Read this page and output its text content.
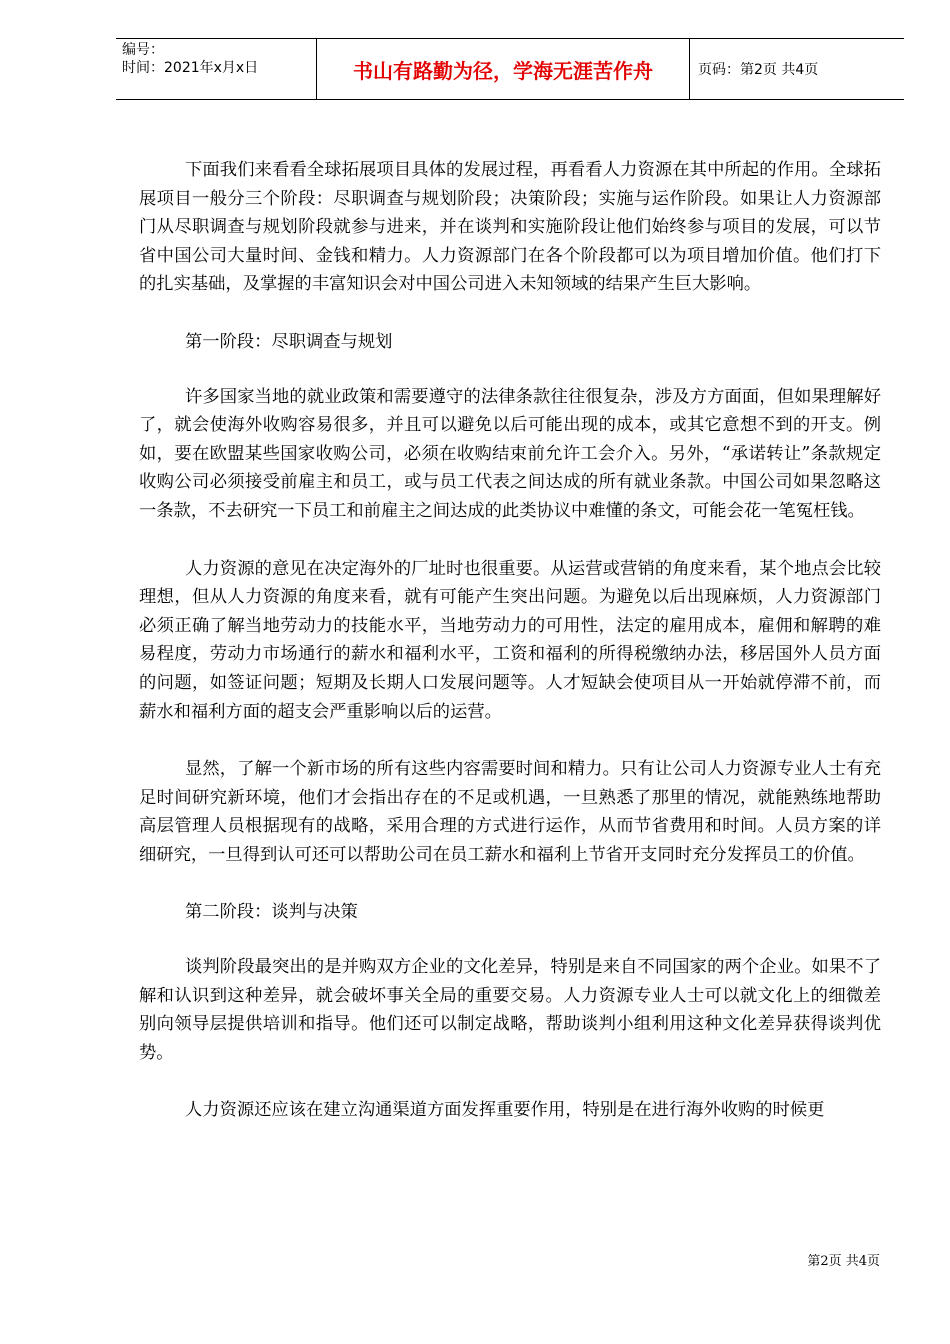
编号：
时间：2021年x月x日	书山有路勤为径，学海无涯苦作舟	页码：第2页 共4页

下面我们来看看全球拓展项目具体的发展过程，再看看人力资源在其中所起的作用。全球拓展项目一般分三个阶段：尽职调查与规划阶段；决策阶段；实施与运作阶段。如果让人力资源部门从尽职调查与规划阶段就参与进来，并在谈判和实施阶段让他们始终参与项目的发展，可以节省中国公司大量时间、金钱和精力。人力资源部门在各个阶段都可以为项目增加价值。他们打下的扎实基础，及掌握的丰富知识会对中国公司进入未知领域的结果产生巨大影响。

第一阶段：尽职调查与规划

许多国家当地的就业政策和需要遵守的法律条款往往很复杂，涉及方方面面，但如果理解好了，就会使海外收购容易很多，并且可以避免以后可能出现的成本，或其它意想不到的开支。例如，要在欧盟某些国家收购公司，必须在收购结束前允许工会介入。另外，“承诺转让”条款规定收购公司必须接受前雇主和员工，或与员工代表之间达成的所有就业条款。中国公司如果忽略这一条款，不去研究一下员工和前雇主之间达成的此类协议中难懂的条文，可能会花一笔冤枉钱。

人力资源的意见在决定海外的厂址时也很重要。从运营或营销的角度来看，某个地点会比较理想，但从人力资源的角度来看，就有可能产生突出问题。为避免以后出现麻烦，人力资源部门必须正确了解当地劳动力的技能水平，当地劳动力的可用性，法定的雇用成本，雇佣和解聘的难易程度，劳动力市场通行的薪水和福利水平，工资和福利的所得税缴纳办法，移居国外人员方面的问题，如签证问题；短期及长期人口发展问题等。人才短缺会使项目从一开始就停滞不前，而薪水和福利方面的超支会严重影响以后的运营。

显然，了解一个新市场的所有这些内容需要时间和精力。只有让公司人力资源专业人士有充足时间研究新环境，他们才会指出存在的不足或机遇，一旦熟悉了那里的情况，就能熟练地帮助高层管理人员根据现有的战略，采用合理的方式进行运作，从而节省费用和时间。人员方案的详细研究，一旦得到认可还可以帮助公司在员工薪水和福利上节省开支同时充分发挥员工的价值。

第二阶段：谈判与决策

谈判阶段最突出的是并购双方企业的文化差异，特别是来自不同国家的两个企业。如果不了解和认识到这种差异，就会破坏事关全局的重要交易。人力资源专业人士可以就文化上的细微差别向领导层提供培训和指导。他们还可以制定战略，帮助谈判小组利用这种文化差异获得谈判优势。

人力资源还应该在建立沟通渠道方面发挥重要作用，特别是在进行海外收购的时候更

第2页 共4页
